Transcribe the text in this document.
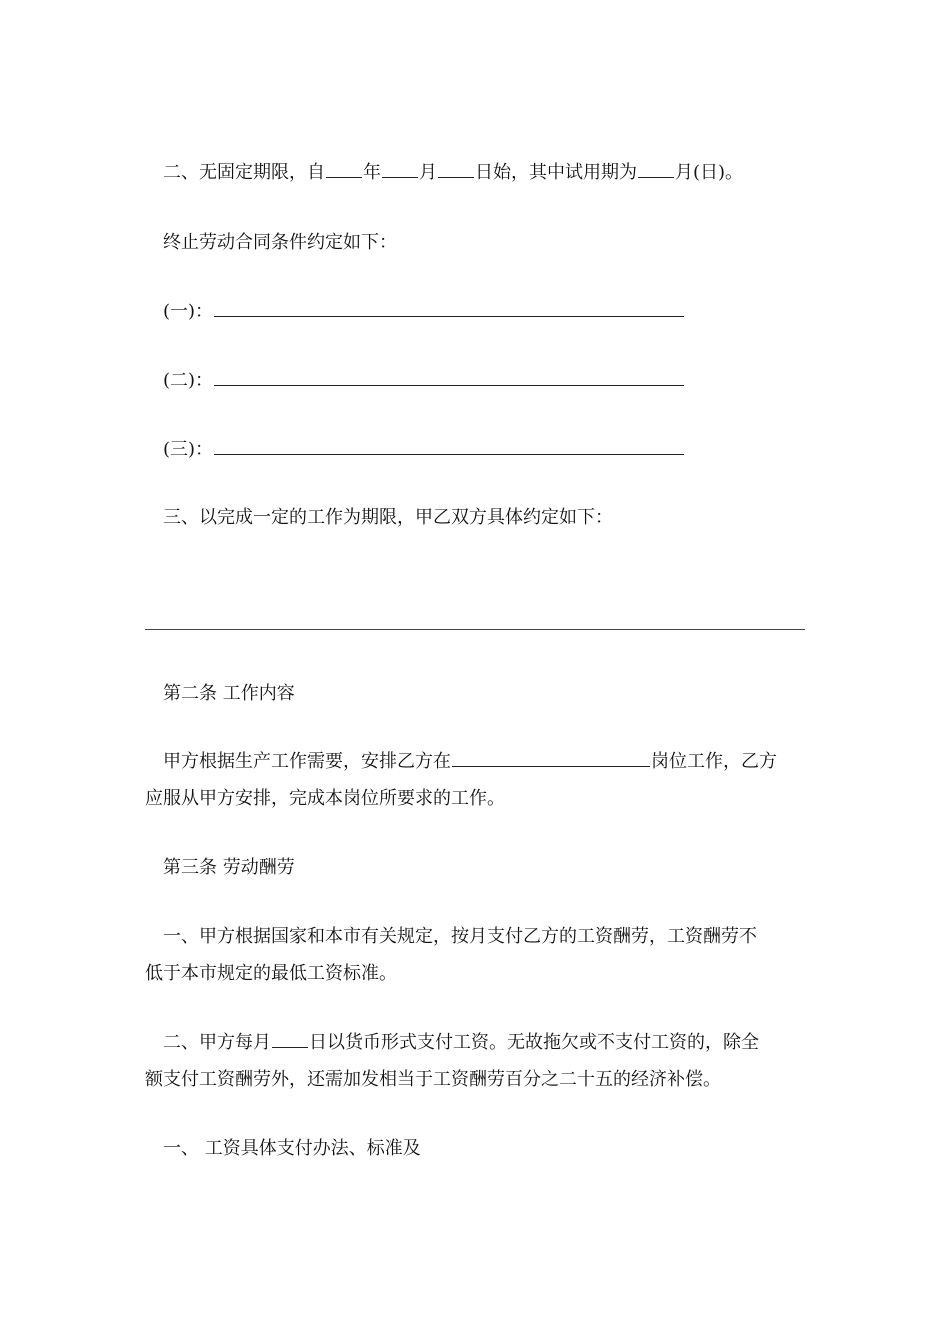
二、无固定期限，自 年 月 日始，其中试用期为 月(日)。
终止劳动合同条件约定如下：
(一)：
(二)：
(三)：
三、以完成一定的工作为期限，甲乙双方具体约定如下：
第二条 工作内容
甲方根据生产工作需要，安排乙方在	岗位工作，乙方
应服从甲方安排，完成本岗位所要求的工作。
第三条 劳动酬劳
一、甲方根据国家和本市有关规定，按月支付乙方的工资酬劳，工资酬劳不
低于本市规定的最低工资标准。
二、甲方每月 日以货币形式支付工资。无故拖欠或不支付工资的，除全
额支付工资酬劳外，还需加发相当于工资酬劳百分之二十五的经济补偿。
一、 工资具体支付办法、标准及
